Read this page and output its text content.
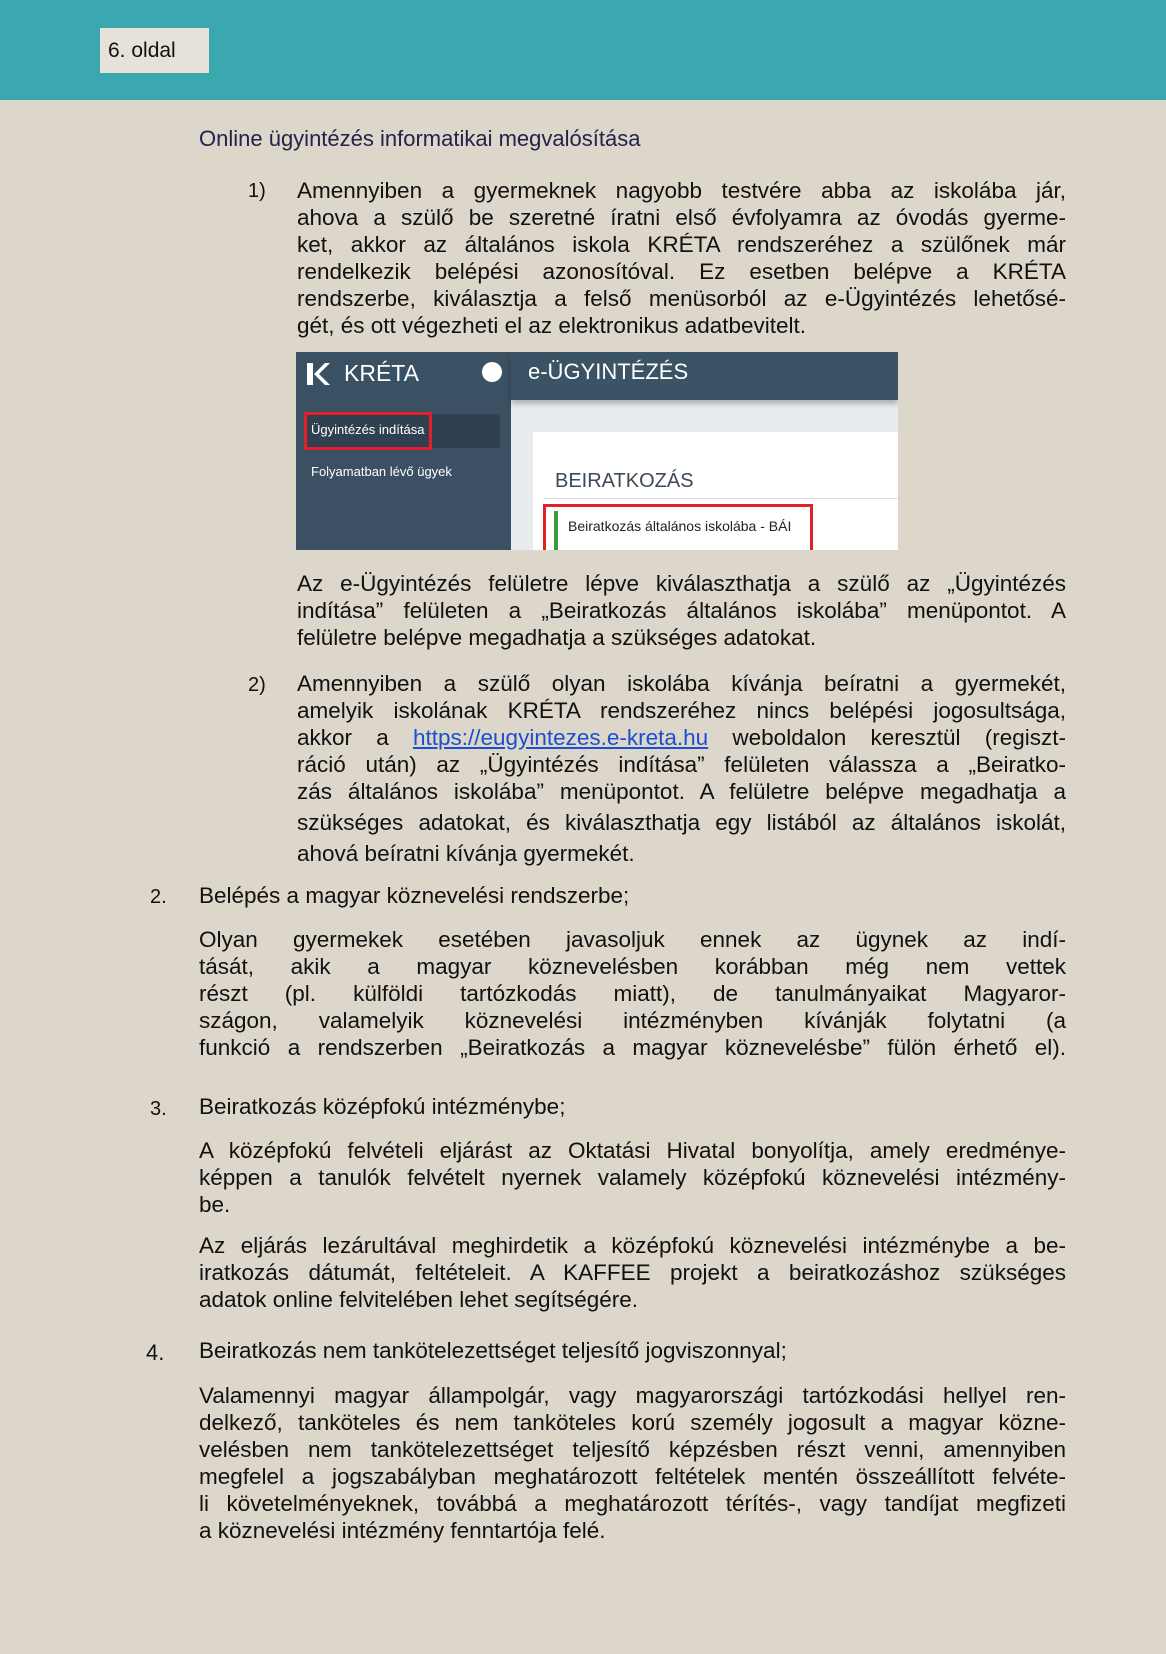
6. oldal
Online ügyintézés informatikai megvalósítása
1) Amennyiben a gyermeknek nagyobb testvére abba az iskolába jár,
ahova a szülő be szeretné íratni első évfolyamra az óvodás gyerme-
ket, akkor az általános iskola KRÉTA rendszeréhez a szülőnek már
rendelkezik belépési azonosítóval. Ez esetben belépve a KRÉTA
rendszerbe, kiválasztja a felső menüsorból az e-Ügyintézés lehetősé-
gét, és ott végezheti el az elektronikus adatbevitelt.
KRÉTA
Ügyintézés indítása
Folyamatban lévő ügyek	BEIRATKOZÁS
Beiratkozás általános iskolába - BÁI
e-ÜGYINTÉZÉS
Az e-Ügyintézés felületre lépve kiválaszthatja a szülő az „Ügyintézés
indítása” felületen a „Beiratkozás általános iskolába” menüpontot. A
felületre belépve megadhatja a szükséges adatokat.
2) Amennyiben a szülő olyan iskolába kívánja beíratni a gyermekét,
amelyik iskolának KRÉTA rendszeréhez nincs belépési jogosultsága,
akkor a https://eugyintezes.e-kreta.hu weboldalon keresztül (regiszt-
ráció után) az „Ügyintézés indítása” felületen válassza a „Beiratko-
zás általános iskolába” menüpontot. A felületre belépve megadhatja a
szükséges adatokat, és kiválaszthatja egy listából az általános iskolát,
ahová beíratni kívánja gyermekét.
2. Belépés a magyar köznevelési rendszerbe;
Olyan gyermekek esetében javasoljuk ennek az ügynek az indí-
tását, akik a magyar köznevelésben korábban még nem vettek
részt (pl. külföldi tartózkodás miatt), de tanulmányaikat Magyaror-
szágon, valamelyik köznevelési intézményben kívánják folytatni (a
funkció a rendszerben „Beiratkozás a magyar köznevelésbe” fülön érhető el).
3. Beiratkozás középfokú intézménybe;
A középfokú felvételi eljárást az Oktatási Hivatal bonyolítja, amely eredménye-
képpen a tanulók felvételt nyernek valamely középfokú köznevelési intézmény-
be.
Az eljárás lezárultával meghirdetik a középfokú köznevelési intézménybe a be-
iratkozás dátumát, feltételeit. A KAFFEE projekt a beiratkozáshoz szükséges
adatok online felvitelében lehet segítségére.
4. Beiratkozás nem tankötelezettséget teljesítő jogviszonnyal;
Valamennyi magyar állampolgár, vagy magyarországi tartózkodási hellyel ren-
delkező, tanköteles és nem tanköteles korú személy jogosult a magyar közne-
velésben nem tankötelezettséget teljesítő képzésben részt venni, amennyiben
megfelel a jogszabályban meghatározott feltételek mentén összeállított felvéte-
li követelményeknek, továbbá a meghatározott térítés-, vagy tandíjat megfizeti
a köznevelési intézmény fenntartója felé.
